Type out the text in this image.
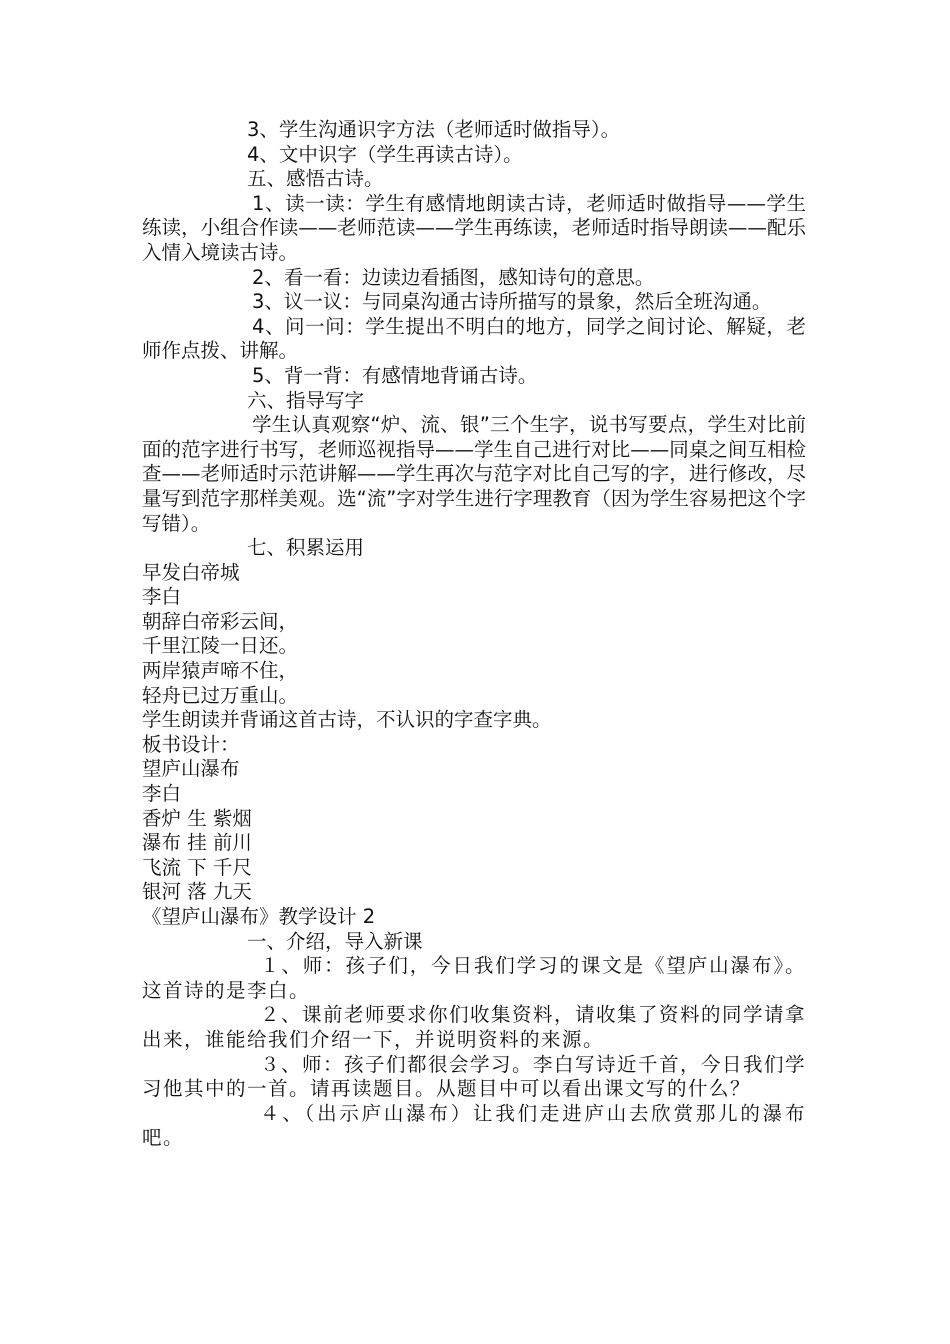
3、学生沟通识字方法（老师适时做指导）。

4、文中识字（学生再读古诗）。

五、感悟古诗。

1、读一读：学生有感情地朗读古诗，老师适时做指导——学生练读，小组合作读——老师范读——学生再练读，老师适时指导朗读——配乐入情入境读古诗。

2、看一看：边读边看插图，感知诗句的意思。

3、议一议：与同桌沟通古诗所描写的景象，然后全班沟通。

4、问一问：学生提出不明白的地方，同学之间讨论、解疑，老师作点拨、讲解。

5、背一背：有感情地背诵古诗。

六、指导写字

学生认真观察“炉、流、银”三个生字，说书写要点，学生对比前面的范字进行书写，老师巡视指导——学生自己进行对比——同桌之间互相检查——老师适时示范讲解——学生再次与范字对比自己写的字，进行修改，尽量写到范字那样美观。选“流”字对学生进行字理教育（因为学生容易把这个字写错）。

七、积累运用

早发白帝城

李白

朝辞白帝彩云间，

千里江陵一日还。

两岸猿声啼不住，

轻舟已过万重山。

学生朗读并背诵这首古诗，不认识的字查字典。

板书设计：

望庐山瀑布

李白

香炉 生 紫烟

瀑布 挂 前川

飞流 下 千尺

银河 落 九天

《望庐山瀑布》教学设计 2

一、介绍，导入新课

１、师：孩子们，今日我们学习的课文是《望庐山瀑布》。这首诗的是李白。

２、课前老师要求你们收集资料，请收集了资料的同学请拿出来，谁能给我们介绍一下，并说明资料的来源。

３、师：孩子们都很会学习。李白写诗近千首，今日我们学习他其中的一首。请再读题目。从题目中可以看出课文写的什么？

４、（出示庐山瀑布）让我们走进庐山去欣赏那儿的瀑布吧。
